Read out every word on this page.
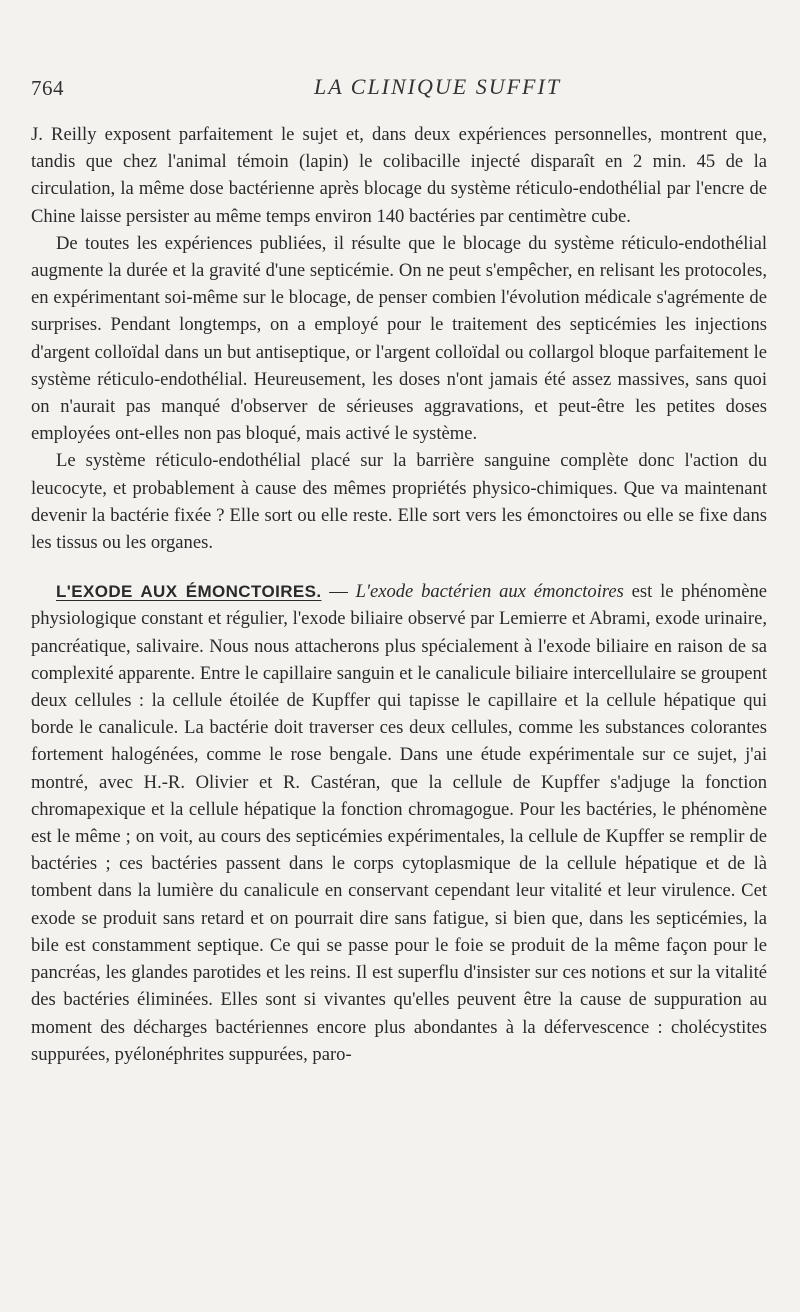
764	LA CLINIQUE SUFFIT

J. Reilly exposent parfaitement le sujet et, dans deux expériences personnelles, montrent que, tandis que chez l'animal témoin (lapin) le colibacille injecté disparaît en 2 min. 45 de la circulation, la même dose bactérienne après blocage du système réticulo-endothélial par l'encre de Chine laisse persister au même temps environ 140 bactéries par centimètre cube.

De toutes les expériences publiées, il résulte que le blocage du système réticulo-endothélial augmente la durée et la gravité d'une septicémie. On ne peut s'empêcher, en relisant les protocoles, en expérimentant soi-même sur le blocage, de penser combien l'évolution médicale s'agrémente de surprises. Pendant longtemps, on a employé pour le traitement des septicémies les injections d'argent colloïdal dans un but antiseptique, or l'argent colloïdal ou collargol bloque parfaitement le système réticulo-endothélial. Heureusement, les doses n'ont jamais été assez massives, sans quoi on n'aurait pas manqué d'observer de sérieuses aggravations, et peut-être les petites doses employées ont-elles non pas bloqué, mais activé le système.

Le système réticulo-endothélial placé sur la barrière sanguine complète donc l'action du leucocyte, et probablement à cause des mêmes propriétés physico-chimiques. Que va maintenant devenir la bactérie fixée ? Elle sort ou elle reste. Elle sort vers les émonctoires ou elle se fixe dans les tissus ou les organes.

L'EXODE AUX ÉMONCTOIRES. — L'exode bactérien aux émonctoires est le phénomène physiologique constant et régulier, l'exode biliaire observé par Lemierre et Abrami, exode urinaire, pancréatique, salivaire. Nous nous attacherons plus spécialement à l'exode biliaire en raison de sa complexité apparente. Entre le capillaire sanguin et le canalicule biliaire intercellulaire se groupent deux cellules : la cellule étoilée de Kupffer qui tapisse le capillaire et la cellule hépatique qui borde le canalicule. La bactérie doit traverser ces deux cellules, comme les substances colorantes fortement halogénées, comme le rose bengale. Dans une étude expérimentale sur ce sujet, j'ai montré, avec H.-R. Olivier et R. Castéran, que la cellule de Kupffer s'adjuge la fonction chromapexique et la cellule hépatique la fonction chromagogue. Pour les bactéries, le phénomène est le même ; on voit, au cours des septicémies expérimentales, la cellule de Kupffer se remplir de bactéries ; ces bactéries passent dans le corps cytoplasmique de la cellule hépatique et de là tombent dans la lumière du canalicule en conservant cependant leur vitalité et leur virulence. Cet exode se produit sans retard et on pourrait dire sans fatigue, si bien que, dans les septicémies, la bile est constamment septique. Ce qui se passe pour le foie se produit de la même façon pour le pancréas, les glandes parotides et les reins. Il est superflu d'insister sur ces notions et sur la vitalité des bactéries éliminées. Elles sont si vivantes qu'elles peuvent être la cause de suppuration au moment des décharges bactériennes encore plus abondantes à la défervescence : cholécystites suppurées, pyélonéphrites suppurées, paro-
